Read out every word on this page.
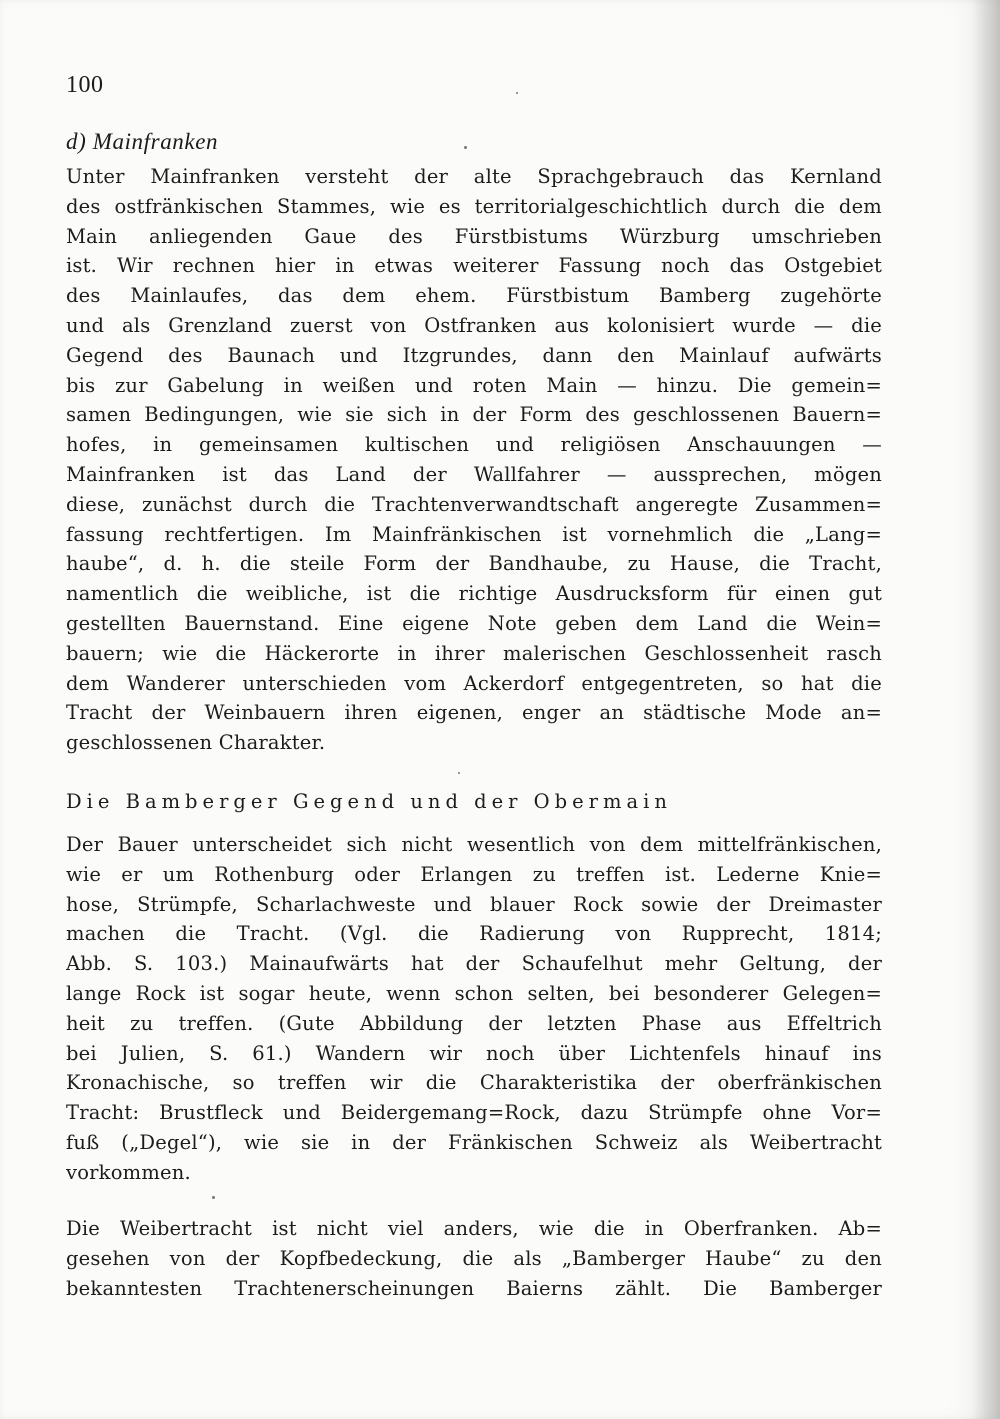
100
d) Mainfranken
Unter Mainfranken versteht der alte Sprachgebrauch das Kernland
des ostfränkischen Stammes, wie es territorialgeschichtlich durch die dem
Main anliegenden Gaue des Fürstbistums Würzburg umschrieben
ist. Wir rechnen hier in etwas weiterer Fassung noch das Ostgebiet
des Mainlaufes, das dem ehem. Fürstbistum Bamberg zugehörte
und als Grenzland zuerst von Ostfranken aus kolonisiert wurde — die
Gegend des Baunach und Itzgrundes, dann den Mainlauf aufwärts
bis zur Gabelung in weißen und roten Main — hinzu. Die gemein=
samen Bedingungen, wie sie sich in der Form des geschlossenen Bauern=
hofes, in gemeinsamen kultischen und religiösen Anschauungen —
Mainfranken ist das Land der Wallfahrer — aussprechen, mögen
diese, zunächst durch die Trachtenverwandtschaft angeregte Zusammen=
fassung rechtfertigen. Im Mainfränkischen ist vornehmlich die „Lang=
haube“, d. h. die steile Form der Bandhaube, zu Hause, die Tracht,
namentlich die weibliche, ist die richtige Ausdrucksform für einen gut
gestellten Bauernstand. Eine eigene Note geben dem Land die Wein=
bauern; wie die Häckerorte in ihrer malerischen Geschlossenheit rasch
dem Wanderer unterschieden vom Ackerdorf entgegentreten, so hat die
Tracht der Weinbauern ihren eigenen, enger an städtische Mode an=
geschlossenen Charakter.
Die Bamberger Gegend und der Obermain
Der Bauer unterscheidet sich nicht wesentlich von dem mittelfränkischen,
wie er um Rothenburg oder Erlangen zu treffen ist. Lederne Knie=
hose, Strümpfe, Scharlachweste und blauer Rock sowie der Dreimaster
machen die Tracht. (Vgl. die Radierung von Rupprecht, 1814;
Abb. S. 103.) Mainaufwärts hat der Schaufelhut mehr Geltung, der
lange Rock ist sogar heute, wenn schon selten, bei besonderer Gelegen=
heit zu treffen. (Gute Abbildung der letzten Phase aus Effeltrich
bei Julien, S. 61.) Wandern wir noch über Lichtenfels hinauf ins
Kronachische, so treffen wir die Charakteristika der oberfränkischen
Tracht: Brustfleck und Beidergemang=Rock, dazu Strümpfe ohne Vor=
fuß („Degel“), wie sie in der Fränkischen Schweiz als Weibertracht
vorkommen.
Die Weibertracht ist nicht viel anders, wie die in Oberfranken. Ab=
gesehen von der Kopfbedeckung, die als „Bamberger Haube“ zu den
bekanntesten Trachtenerscheinungen Baierns zählt. Die Bamberger
